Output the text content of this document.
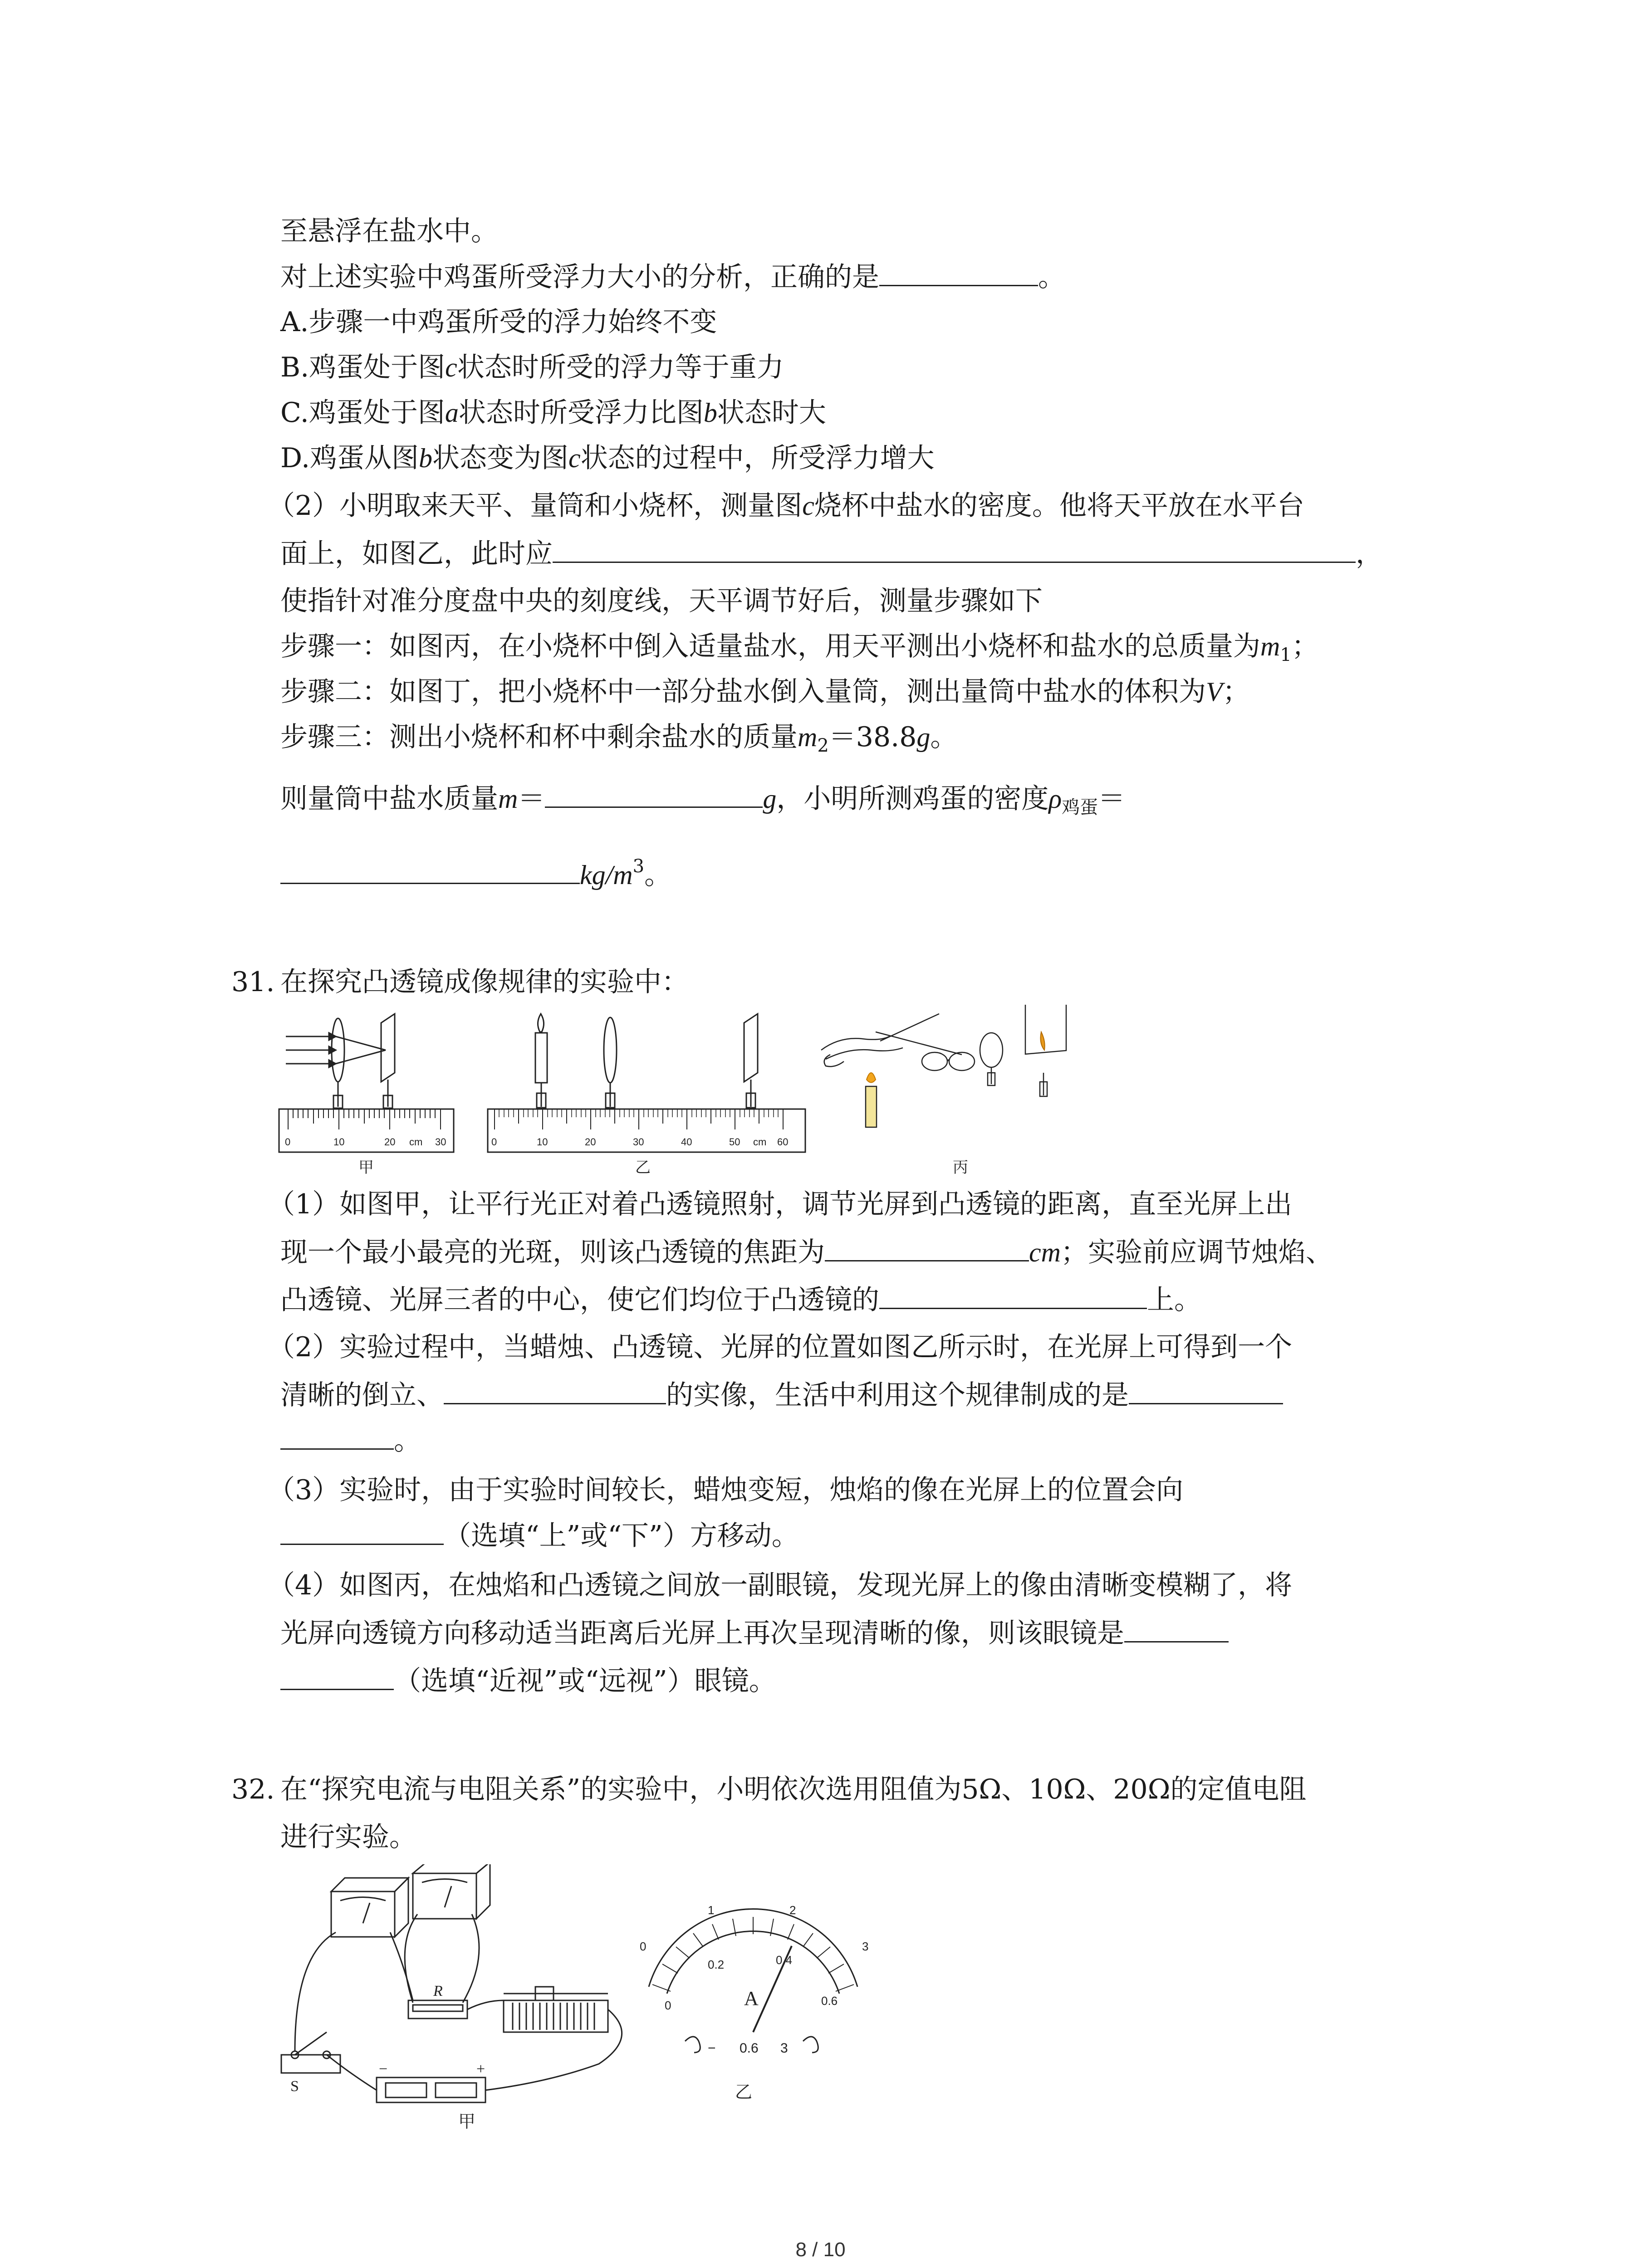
至悬浮在盐水中。
对上述实验中鸡蛋所受浮力大小的分析，正确的是	。
A.步骤一中鸡蛋所受的浮力始终不变
B.鸡蛋处于图c状态时所受的浮力等于重力
C.鸡蛋处于图a状态时所受浮力比图b状态时大
D.鸡蛋从图b状态变为图c状态的过程中，所受浮力增大
（2）小明取来天平、量筒和小烧杯，测量图c烧杯中盐水的密度。他将天平放在水平台
面上，如图乙，此时应	，
使指针对准分度盘中央的刻度线，天平调节好后，测量步骤如下
步骤一：如图丙，在小烧杯中倒入适量盐水，用天平测出小烧杯和盐水的总质量为$m_1$；
步骤二：如图丁，把小烧杯中一部分盐水倒入量筒，测出量筒中盐水的体积为V；
步骤三：测出小烧杯和杯中剩余盐水的质量$m_2=38.8g$。
则量筒中盐水质量m＝	g，小明所测鸡蛋的密度$\rho_{鸡蛋}=$
$kg/m^3$。
31. 在探究凸透镜成像规律的实验中：
0	10	20 cm 30
甲
0	10	20	30	40	50 cm 60
乙	丙
（1）如图甲，让平行光正对着凸透镜照射，调节光屏到凸透镜的距离，直至光屏上出
现一个最小最亮的光斑，则该凸透镜的焦距为	cm；实验前应调节烛焰、
凸透镜、光屏三者的中心，使它们均位于凸透镜的	上。
（2）实验过程中，当蜡烛、凸透镜、光屏的位置如图乙所示时，在光屏上可得到一个
清晰的倒立、	的实像，生活中利用这个规律制成的是
。
（3）实验时，由于实验时间较长，蜡烛变短，烛焰的像在光屏上的位置会向
（选填“上”或“下”）方移动。
（4）如图丙，在烛焰和凸透镜之间放一副眼镜，发现光屏上的像由清晰变模糊了，将
光屏向透镜方向移动适当距离后光屏上再次呈现清晰的像，则该眼镜是
（选填“近视”或“远视”）眼镜。
32. 在“探究电流与电阻关系”的实验中，小明依次选用阻值为5Ω、10Ω、20Ω的定值电阻
进行实验。
R
S
−	+
甲
0
1	2
3
0
0.2	0.4
0.6
A
− 0.6 3
乙
8 / 10
